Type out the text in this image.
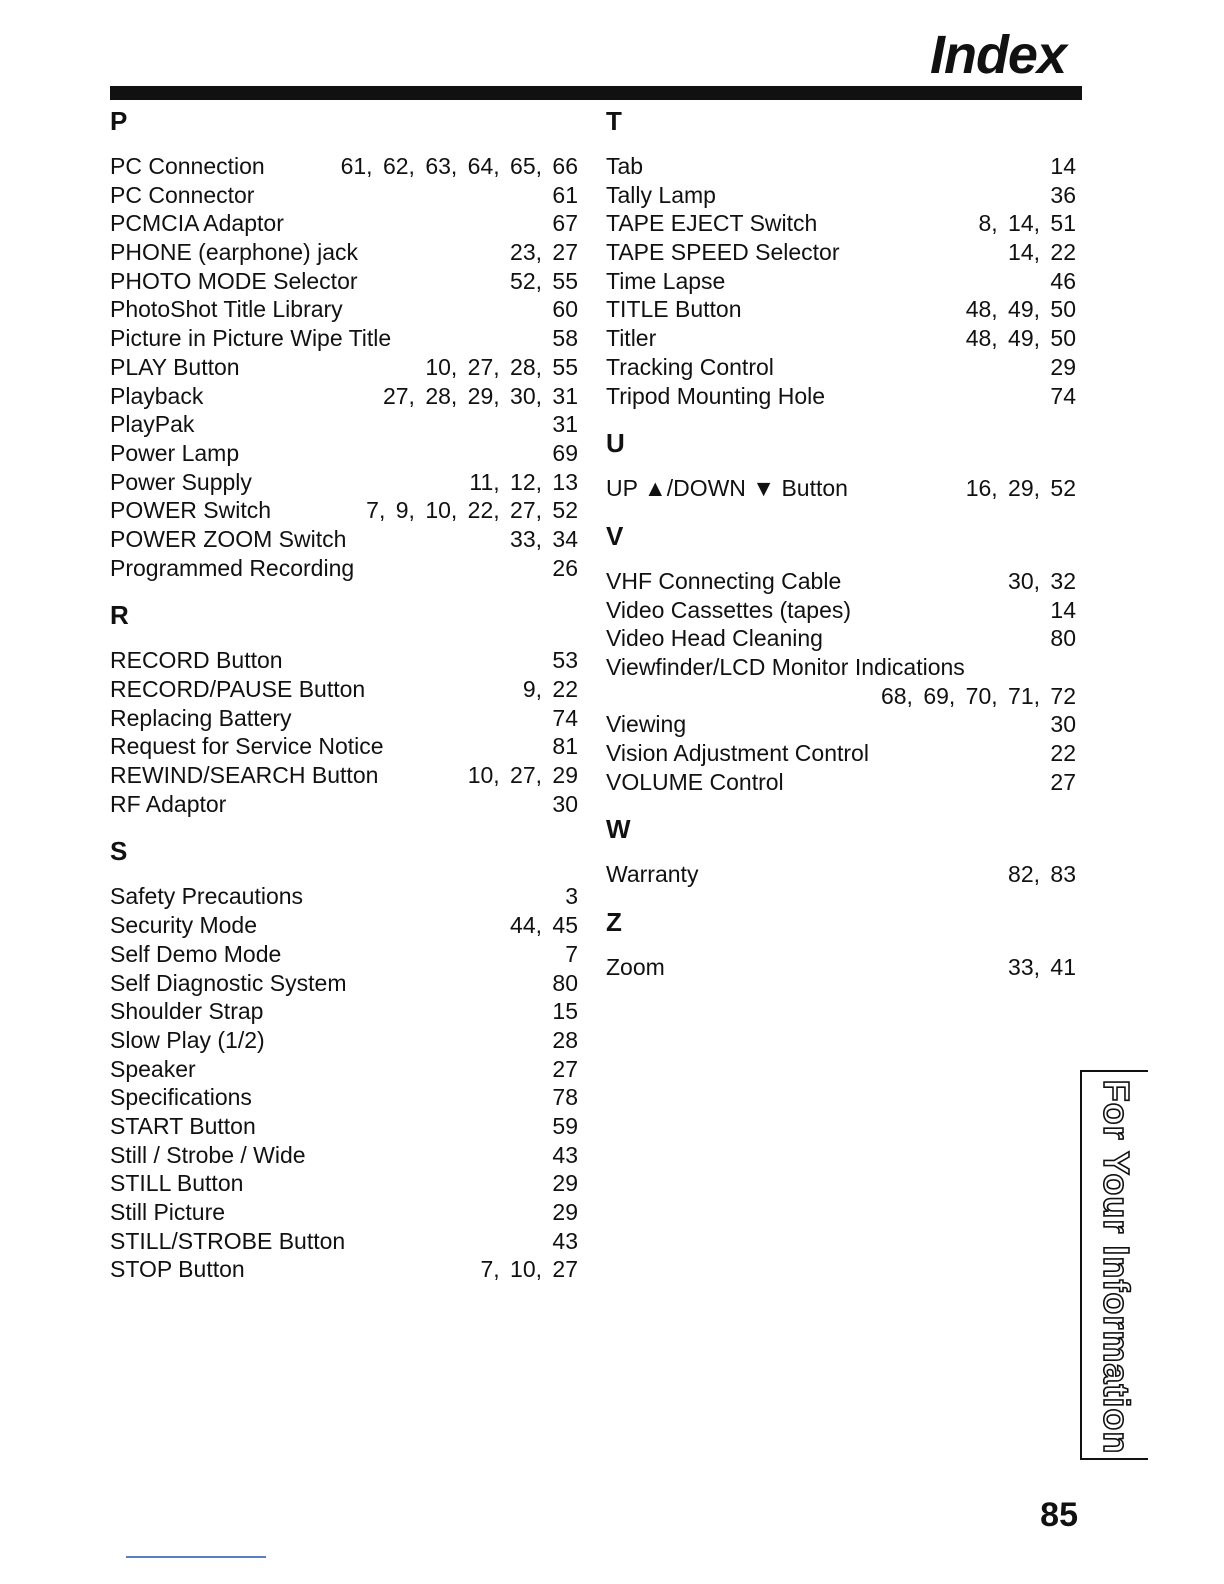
Index
P
PC Connection	61, 62, 63, 64, 65, 66
PC Connector	61
PCMCIA Adaptor	67
PHONE (earphone) jack	23, 27
PHOTO MODE Selector	52, 55
PhotoShot Title Library	60
Picture in Picture Wipe Title	58
PLAY Button	10, 27, 28, 55
Playback	27, 28, 29, 30, 31
PlayPak	31
Power Lamp	69
Power Supply	11, 12, 13
POWER Switch	7, 9, 10, 22, 27, 52
POWER ZOOM Switch	33, 34
Programmed Recording	26
R
RECORD Button	53
RECORD/PAUSE Button	9, 22
Replacing Battery	74
Request for Service Notice	81
REWIND/SEARCH Button	10, 27, 29
RF Adaptor	30
S
Safety Precautions	3
Security Mode	44, 45
Self Demo Mode	7
Self Diagnostic System	80
Shoulder Strap	15
Slow Play (1/2)	28
Speaker	27
Specifications	78
START Button	59
Still / Strobe / Wide	43
STILL Button	29
Still Picture	29
STILL/STROBE Button	43
STOP Button	7, 10, 27
T
Tab	14
Tally Lamp	36
TAPE EJECT Switch	8, 14, 51
TAPE SPEED Selector	14, 22
Time Lapse	46
TITLE Button	48, 49, 50
Titler	48, 49, 50
Tracking Control	29
Tripod Mounting Hole	74
U
UP ▲/DOWN ▼ Button	16, 29, 52
V
VHF Connecting Cable	30, 32
Video Cassettes (tapes)	14
Video Head Cleaning	80
Viewfinder/LCD Monitor Indications
68, 69, 70, 71, 72
Viewing	30
Vision Adjustment Control	22
VOLUME Control	27
W
Warranty	82, 83
Z
Zoom	33, 41
For Your Information
85
